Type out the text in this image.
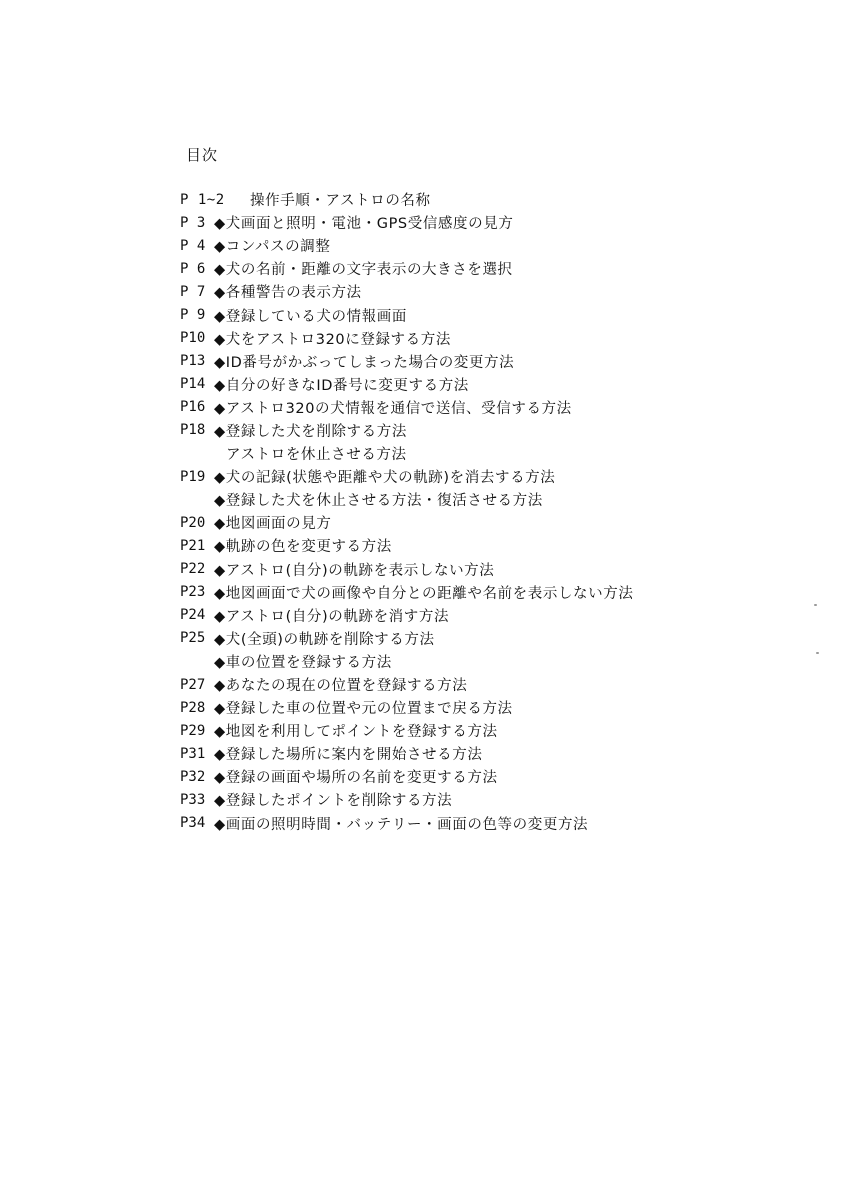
目次
P 1~2	操作手順・アストロの名称
P 3 ◆犬画面と照明・電池・GPS受信感度の見方
P 4 ◆コンパスの調整
P 6 ◆犬の名前・距離の文字表示の大きさを選択
P 7 ◆各種警告の表示方法
P 9 ◆登録している犬の情報画面
P10 ◆犬をアストロ320に登録する方法
P13 ◆ID番号がかぶってしまった場合の変更方法
P14 ◆自分の好きなID番号に変更する方法
P16 ◆アストロ320の犬情報を通信で送信、受信する方法
P18 ◆登録した犬を削除する方法
アストロを休止させる方法
P19 ◆犬の記録(状態や距離や犬の軌跡)を消去する方法
◆登録した犬を休止させる方法・復活させる方法
P20 ◆地図画面の見方
P21 ◆軌跡の色を変更する方法
P22 ◆アストロ(自分)の軌跡を表示しない方法
P23 ◆地図画面で犬の画像や自分との距離や名前を表示しない方法
P24 ◆アストロ(自分)の軌跡を消す方法
P25 ◆犬(全頭)の軌跡を削除する方法
◆車の位置を登録する方法
P27 ◆あなたの現在の位置を登録する方法
P28 ◆登録した車の位置や元の位置まで戻る方法
P29 ◆地図を利用してポイントを登録する方法
P31 ◆登録した場所に案内を開始させる方法
P32 ◆登録の画面や場所の名前を変更する方法
P33 ◆登録したポイントを削除する方法
P34 ◆画面の照明時間・バッテリー・画面の色等の変更方法
